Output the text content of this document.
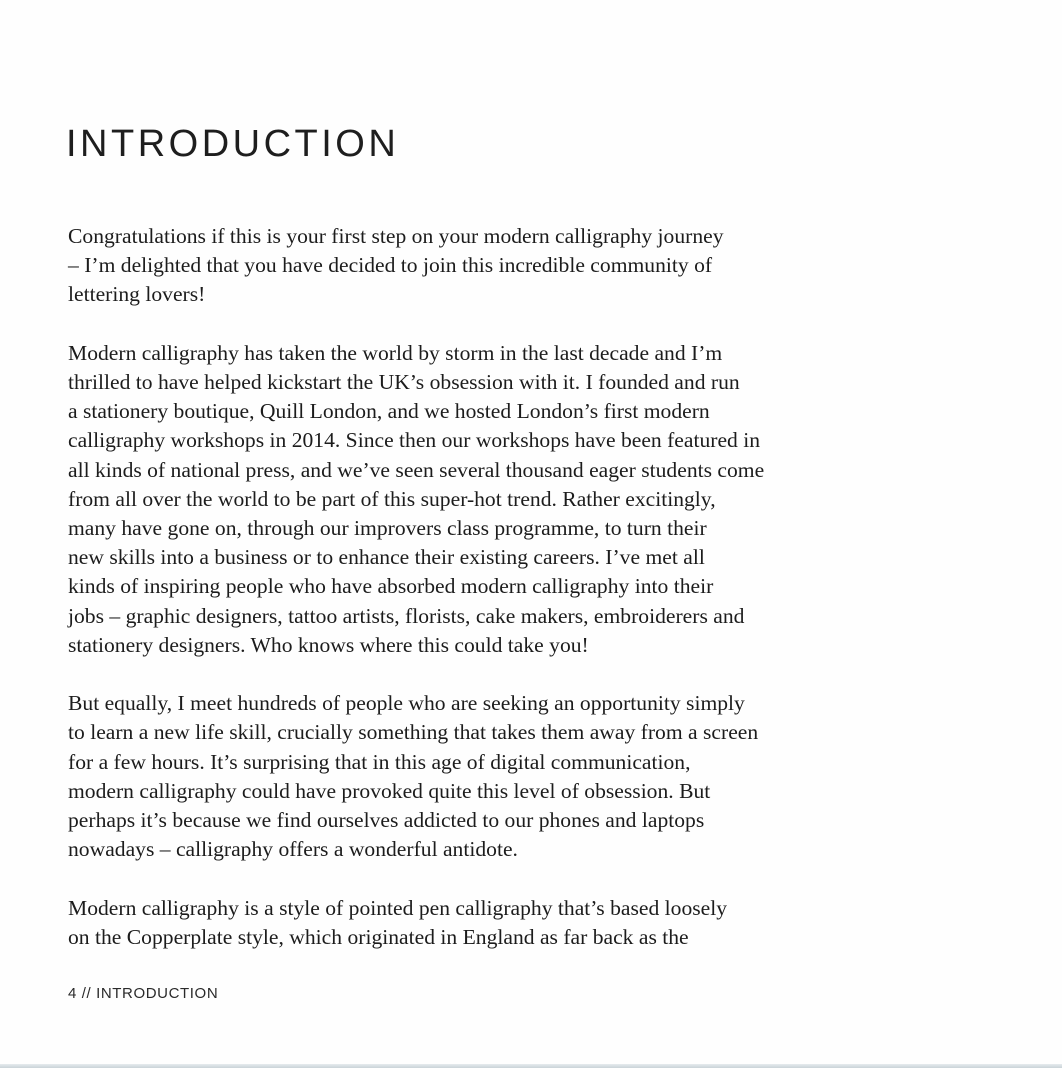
INTRODUCTION

Congratulations if this is your first step on your modern calligraphy journey
– I’m delighted that you have decided to join this incredible community of
lettering lovers!

Modern calligraphy has taken the world by storm in the last decade and I’m
thrilled to have helped kickstart the UK’s obsession with it. I founded and run
a stationery boutique, Quill London, and we hosted London’s first modern
calligraphy workshops in 2014. Since then our workshops have been featured in
all kinds of national press, and we’ve seen several thousand eager students come
from all over the world to be part of this super-hot trend. Rather excitingly,
many have gone on, through our improvers class programme, to turn their
new skills into a business or to enhance their existing careers. I’ve met all
kinds of inspiring people who have absorbed modern calligraphy into their
jobs – graphic designers, tattoo artists, florists, cake makers, embroiderers and
stationery designers. Who knows where this could take you!

But equally, I meet hundreds of people who are seeking an opportunity simply
to learn a new life skill, crucially something that takes them away from a screen
for a few hours. It’s surprising that in this age of digital communication,
modern calligraphy could have provoked quite this level of obsession. But
perhaps it’s because we find ourselves addicted to our phones and laptops
nowadays – calligraphy offers a wonderful antidote.

Modern calligraphy is a style of pointed pen calligraphy that’s based loosely
on the Copperplate style, which originated in England as far back as the

4 // INTRODUCTION
